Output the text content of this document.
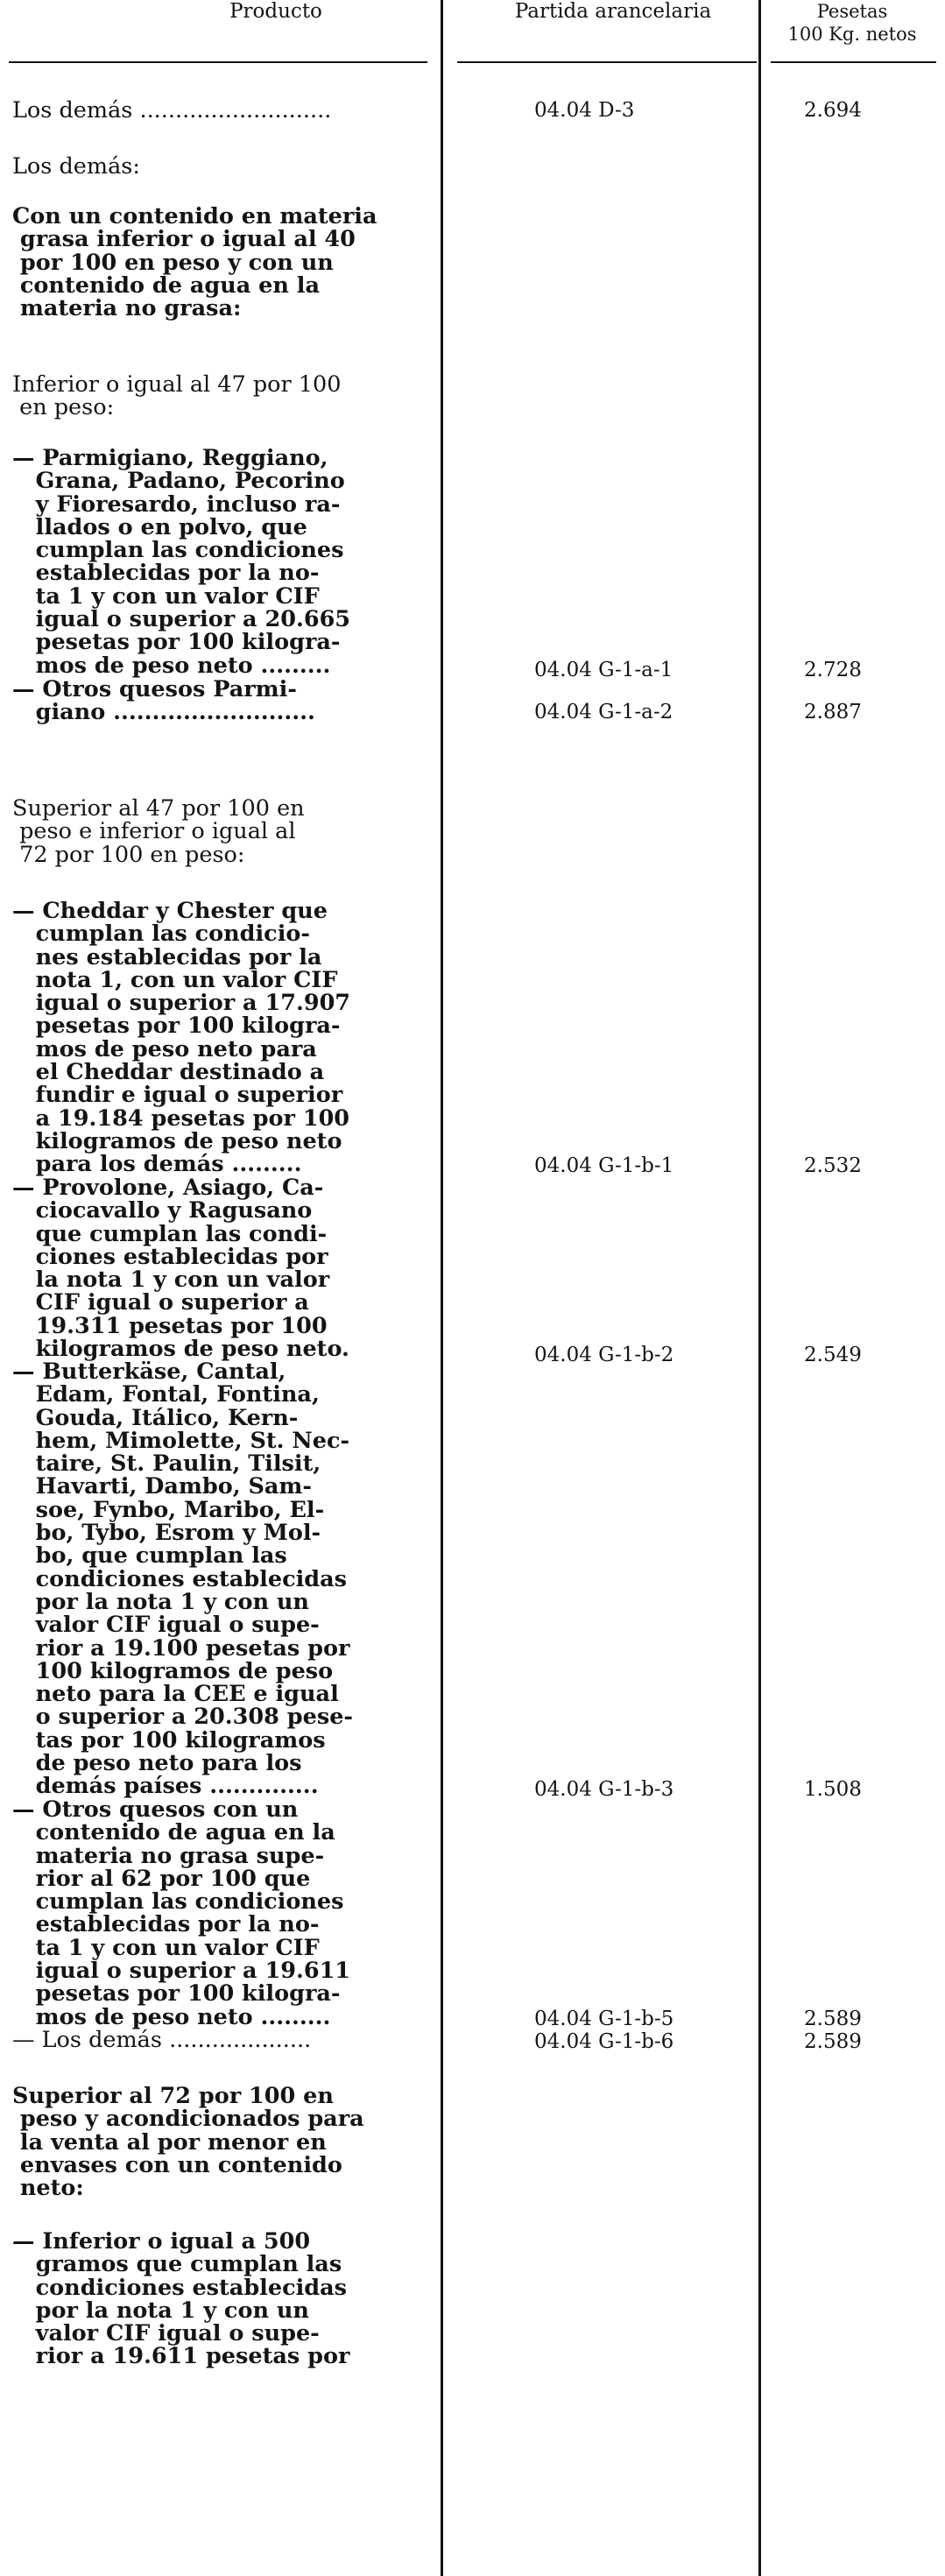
Producto	Partida arancelaria	Pesetas
100 Kg. netos
Los demás ...........................
Los demás:
Con un contenido en materia
grasa inferior o igual al 40
por 100 en peso y con un
contenido de agua en la
materia no grasa:
Inferior o igual al 47 por 100
en peso:
— Parmigiano, Reggiano,
Grana, Padano, Pecorino
y Fioresardo, incluso ra-
llados o en polvo, que
cumplan las condiciones
establecidas por la no-
ta 1 y con un valor CIF
igual o superior a 20.665
pesetas por 100 kilogra-
mos de peso neto .........
— Otros quesos Parmi-
giano ..........................
Superior al 47 por 100 en
peso e inferior o igual al
72 por 100 en peso:
— Cheddar y Chester que
cumplan las condicio-
nes establecidas por la
nota 1, con un valor CIF
igual o superior a 17.907
pesetas por 100 kilogra-
mos de peso neto para
el Cheddar destinado a
fundir e igual o superior
a 19.184 pesetas por 100
kilogramos de peso neto
para los demás .........
— Provolone, Asiago, Ca-
ciocavallo y Ragusano
que cumplan las condi-
ciones establecidas por
la nota 1 y con un valor
CIF igual o superior a
19.311 pesetas por 100
kilogramos de peso neto.
— Butterkäse, Cantal,
Edam, Fontal, Fontina,
Gouda, Itálico, Kern-
hem, Mimolette, St. Nec-
taire, St. Paulin, Tilsit,
Havarti, Dambo, Sam-
soe, Fynbo, Maribo, El-
bo, Tybo, Esrom y Mol-
bo, que cumplan las
condiciones establecidas
por la nota 1 y con un
valor CIF igual o supe-
rior a 19.100 pesetas por
100 kilogramos de peso
neto para la CEE e igual
o superior a 20.308 pese-
tas por 100 kilogramos
de peso neto para los
demás países ..............
— Otros quesos con un
contenido de agua en la
materia no grasa supe-
rior al 62 por 100 que
cumplan las condiciones
establecidas por la no-
ta 1 y con un valor CIF
igual o superior a 19.611
pesetas por 100 kilogra-
mos de peso neto .........
— Los demás ....................
Superior al 72 por 100 en
peso y acondicionados para
la venta al por menor en
envases con un contenido
neto:
— Inferior o igual a 500
gramos que cumplan las
condiciones establecidas
por la nota 1 y con un
valor CIF igual o supe-
rior a 19.611 pesetas por
04.04 D-3
04.04 G-1-a-1
04.04 G-1-a-2
04.04 G-1-b-1
04.04 G-1-b-2
04.04 G-1-b-3
04.04 G-1-b-5
04.04 G-1-b-6
2.694
2.728
2.887
2.532
2.549
1.508
2.589
2.589
